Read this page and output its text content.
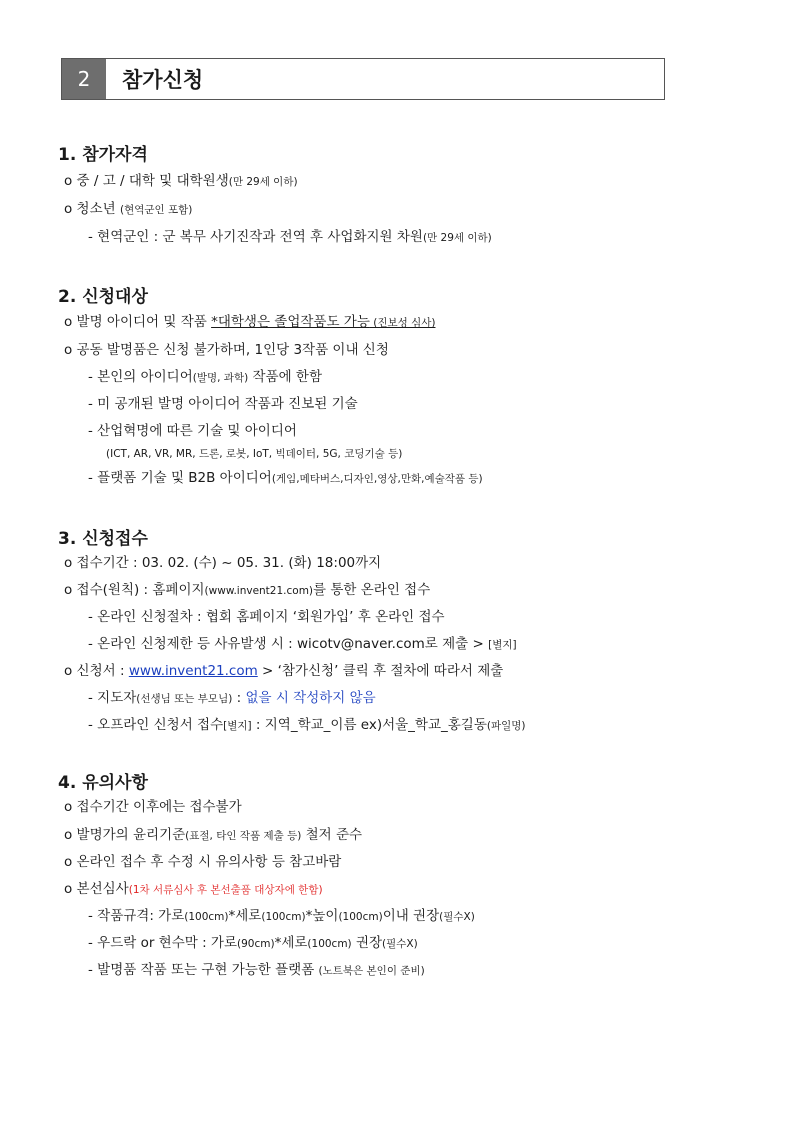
2	참가신청
1. 참가자격
o 중 / 고 / 대학 및 대학원생(만 29세 이하)
o 청소년 (현역군인 포함)
- 현역군인 : 군 복무 사기진작과 전역 후 사업화지원 차원(만 29세 이하)
2. 신청대상
o 발명 아이디어 및 작품 *대학생은 졸업작품도 가능 (진보성 심사)
o 공동 발명품은 신청 불가하며, 1인당 3작품 이내 신청
- 본인의 아이디어(발명, 과학) 작품에 한함
- 미 공개된 발명 아이디어 작품과 진보된 기술
- 산업혁명에 따른 기술 및 아이디어
(ICT, AR, VR, MR, 드론, 로봇, IoT, 빅데이터, 5G, 코딩기술 등)
- 플랫폼 기술 및 B2B 아이디어(게임,메타버스,디자인,영상,만화,예술작품 등)
3. 신청접수
o 접수기간 : 03. 02. (수) ~ 05. 31. (화) 18:00까지
o 접수(원칙) : 홈페이지(www.invent21.com)를 통한 온라인 접수
- 온라인 신청절차 : 협회 홈페이지 ‘회원가입’ 후 온라인 접수
- 온라인 신청제한 등 사유발생 시 : wicotv@naver.com로 제출 > [별지]
o 신청서 : www.invent21.com > ‘참가신청’ 클릭 후 절차에 따라서 제출
- 지도자(선생님 또는 부모님) : 없을 시 작성하지 않음
- 오프라인 신청서 접수[별지] : 지역_학교_이름 ex)서울_학교_홍길동(파일명)
4. 유의사항
o 접수기간 이후에는 접수불가
o 발명가의 윤리기준(표절, 타인 작품 제출 등) 철저 준수
o 온라인 접수 후 수정 시 유의사항 등 참고바람
o 본선심사(1차 서류심사 후 본선출품 대상자에 한함)
- 작품규격: 가로(100cm)*세로(100cm)*높이(100cm)이내 권장(필수X)
- 우드락 or 현수막 : 가로(90cm)*세로(100cm) 권장(필수X)
- 발명품 작품 또는 구현 가능한 플랫폼 (노트북은 본인이 준비)
